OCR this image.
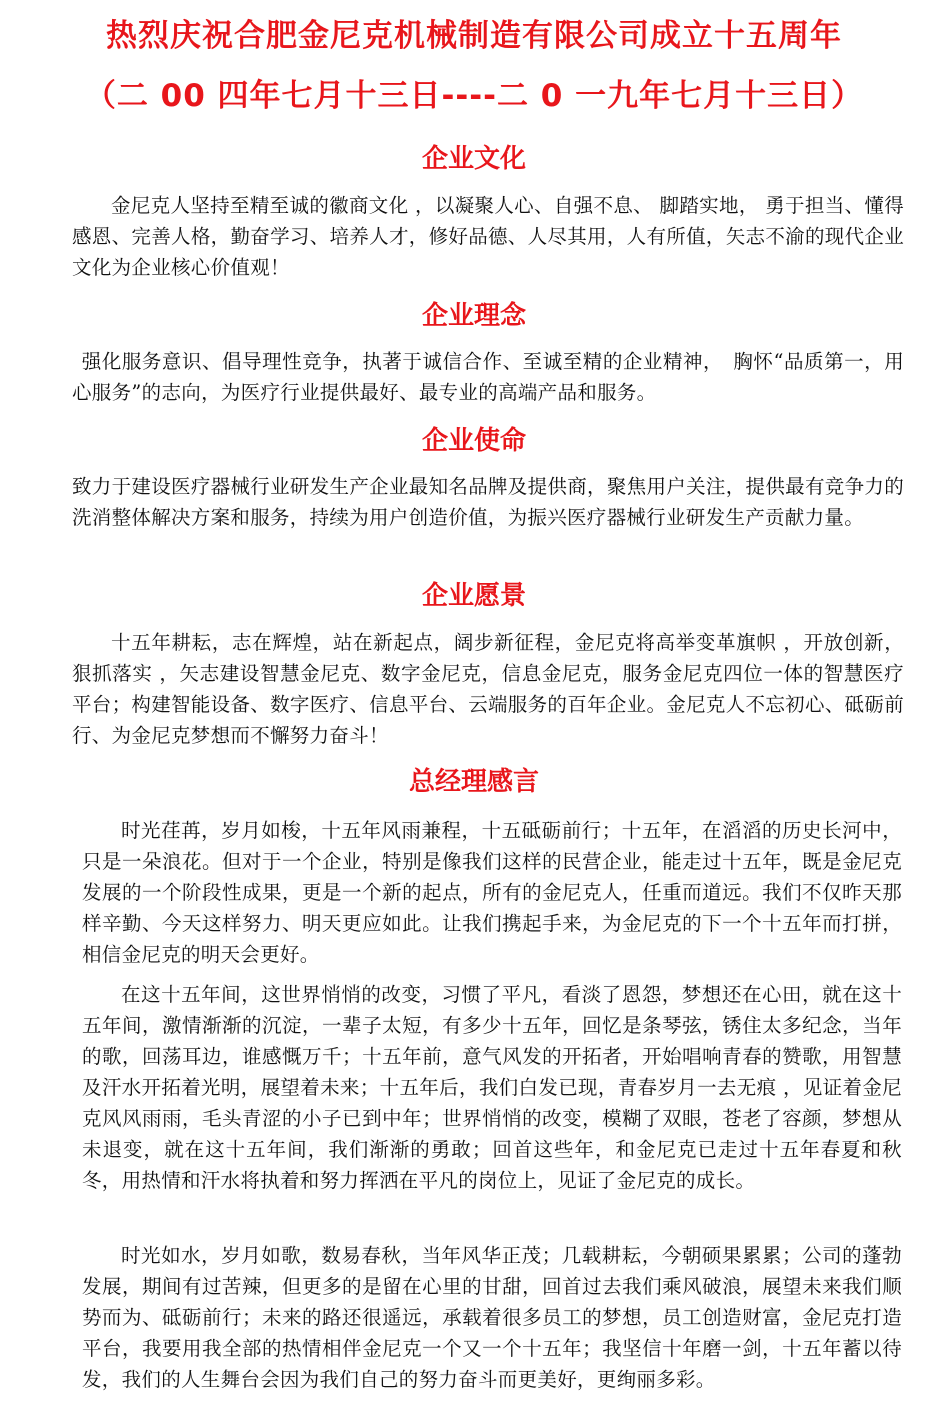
热烈庆祝合肥金尼克机械制造有限公司成立十五周年
（二 00 四年七月十三日----二 0 一九年七月十三日）
企业文化

金尼克人坚持至精至诚的徽商文化 ，以凝聚人心、自强不息、 脚踏实地， 勇于担当、懂得感恩、完善人格，勤奋学习、培养人才，修好品德、人尽其用，人有所值，矢志不渝的现代企业文化为企业核心价值观！

企业理念

强化服务意识、倡导理性竞争，执著于诚信合作、至诚至精的企业精神，　胸怀“品质第一，用心服务”的志向，为医疗行业提供最好、最专业的高端产品和服务。

企业使命

致力于建设医疗器械行业研发生产企业最知名品牌及提供商，聚焦用户关注，提供最有竞争力的洗消整体解决方案和服务，持续为用户创造价值，为振兴医疗器械行业研发生产贡献力量。

企业愿景

十五年耕耘，志在辉煌，站在新起点，阔步新征程，金尼克将高举变革旗帜 ，开放创新，狠抓落实 ，矢志建设智慧金尼克、数字金尼克，信息金尼克，服务金尼克四位一体的智慧医疗平台；构建智能设备、数字医疗、信息平台、云端服务的百年企业。金尼克人不忘初心、砥砺前行、为金尼克梦想而不懈努力奋斗！

总经理感言

时光荏苒，岁月如梭，十五年风雨兼程，十五砥砺前行；十五年，在滔滔的历史长河中，只是一朵浪花。但对于一个企业，特别是像我们这样的民营企业，能走过十五年，既是金尼克发展的一个阶段性成果，更是一个新的起点，所有的金尼克人，任重而道远。我们不仅昨天那样辛勤、今天这样努力、明天更应如此。让我们携起手来，为金尼克的下一个十五年而打拼，相信金尼克的明天会更好。

在这十五年间，这世界悄悄的改变，习惯了平凡，看淡了恩怨，梦想还在心田，就在这十五年间，激情渐渐的沉淀，一辈子太短，有多少十五年，回忆是条琴弦，锈住太多纪念，当年的歌，回荡耳边，谁感慨万千；十五年前，意气风发的开拓者，开始唱响青春的赞歌，用智慧及汗水开拓着光明，展望着未来；十五年后，我们白发已现，青春岁月一去无痕 ，见证着金尼克风风雨雨，毛头青涩的小子已到中年；世界悄悄的改变，模糊了双眼，苍老了容颜，梦想从未退变，就在这十五年间，我们渐渐的勇敢；回首这些年，和金尼克已走过十五年春夏和秋冬，用热情和汗水将执着和努力挥洒在平凡的岗位上，见证了金尼克的成长。

时光如水，岁月如歌，数易春秋，当年风华正茂；几载耕耘，今朝硕果累累；公司的蓬勃发展，期间有过苦辣，但更多的是留在心里的甘甜，回首过去我们乘风破浪，展望未来我们顺势而为、砥砺前行；未来的路还很遥远，承载着很多员工的梦想，员工创造财富，金尼克打造平台，我要用我全部的热情相伴金尼克一个又一个十五年；我坚信十年磨一剑，十五年蓄以待发，我们的人生舞台会因为我们自己的努力奋斗而更美好，更绚丽多彩。
